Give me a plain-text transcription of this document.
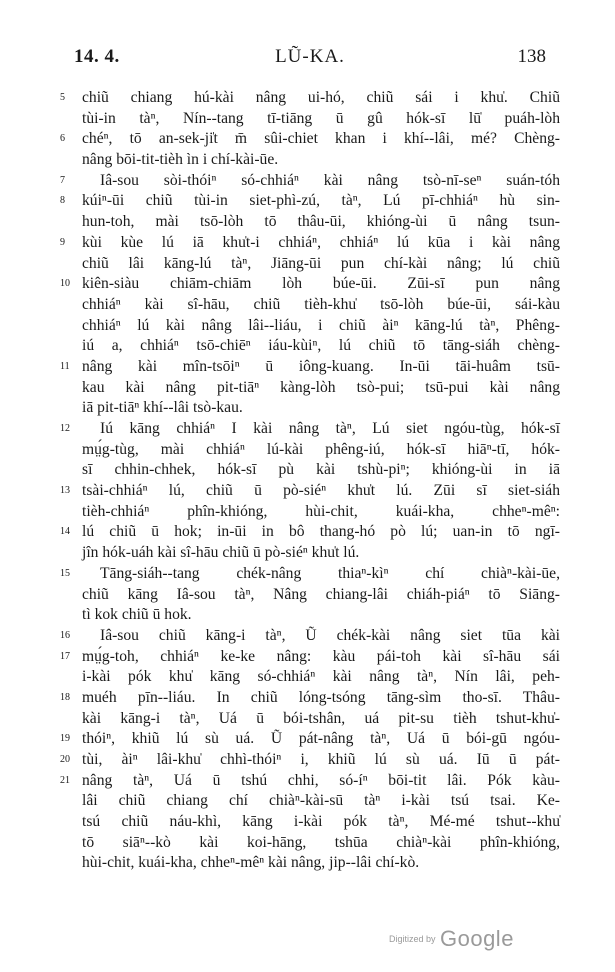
14. 4.	LŨ-KA.	138
5	chiũ chiang hú-kài nâng ui-hó, chiũ sái i khu̍. Chiũ
tùi-in tàⁿ, Nín--tang tī-tiāng ū gû hók-sī lū̍ puáh-lòh
6	chéⁿ, tō an-sek-ji̍t m̄ sûi-chiet khan i khí--lâi, mé? Chèng-
nâng bōi-tit-tièh ìn i chí-kài-ūe.
7	Iâ-sou sòi-thóiⁿ só-chhiáⁿ kài nâng tsò-nī-seⁿ suán-tóh
8	kúiⁿ-ūi chiũ tùi-in siet-phì-zú, tàⁿ, Lú pī-chhiáⁿ hù sin-
hun-toh, mài tsō-lòh tō thâu-ūi, khióng-ùi ū nâng tsun-
9	kùi kùe lú iā khu̍t-i chhiáⁿ, chhiáⁿ lú kūa i kài nâng
chiũ lâi kāng-lú tàⁿ, Jiāng-ūi pun chí-kài nâng; lú chiũ
10 kiên-siàu chiām-chiām lòh búe-ūi. Zūi-sī pun nâng
chhiáⁿ kài sî-hāu, chiũ tièh-khu̍ tsō-lòh búe-ūi, sái-kàu
chhiáⁿ lú kài nâng lâi--liáu, i chiũ àiⁿ kāng-lú tàⁿ, Phêng-
iú a, chhiáⁿ tsō-chiēⁿ iáu-kùiⁿ, lú chiũ tō tāng-siáh chèng-
11 nâng kài mîn-tsōiⁿ ū iông-kuang. In-ūi tāi-huâm tsū-
kau kài nâng pit-tiāⁿ kàng-lòh tsò-pui; tsū-pui kài nâng
iā pit-tiāⁿ khí--lâi tsò-kau.
12	Iú kāng chhiáⁿ I kài nâng tàⁿ, Lú siet ngóu-tùg, hók-sī
mṳ́g-tùg, mài chhiáⁿ lú-kài phêng-iú, hók-sī hiāⁿ-tī, hók-
sī chhin-chhek, hók-sī pù kài tshù-piⁿ; khióng-ùi in iā
13 tsài-chhiáⁿ lú, chiũ ū pò-siéⁿ khu̍t lú. Zūi sī siet-siáh
tièh-chhiáⁿ phîn-khióng, hùi-chit, kuái-kha, chheⁿ-mêⁿ:
14 lú chiũ ū hok; in-ūi in bô thang-hó pò lú; uan-in tō ngī-
jîn hók-uáh kài sî-hāu chiũ ū pò-siéⁿ khu̍t lú.
15	Tāng-siáh--tang chék-nâng thiaⁿ-kìⁿ chí chiàⁿ-kài-ūe,
chiũ kāng Iâ-sou tàⁿ, Nâng chiang-lâi chiáh-piáⁿ tō Siāng-
tì kok chiũ ū hok.
16	Iâ-sou chiũ kāng-i tàⁿ, Ũ chék-kài nâng siet tūa kài
17 mṳ́g-toh, chhiáⁿ ke-ke nâng: kàu pái-toh kài sî-hāu sái
i-kài pók khu̍ kāng só-chhiáⁿ kài nâng tàⁿ, Nín lâi, peh-
18 muéh pīn--liáu. In chiũ lóng-tsóng tāng-sìm tho-sī. Thâu-
kài kāng-i tàⁿ, Uá ū bói-tshân, uá pit-su tièh tshut-khu̍-
19 thóiⁿ, khiũ lú sù uá. Ũ pát-nâng tàⁿ, Uá ū bói-gū ngóu-
20 tùi, àiⁿ lâi-khu̍ chhì-thóiⁿ i, khiũ lú sù uá. Iū ū pát-
21 nâng tàⁿ, Uá ū tshú chhi, só-íⁿ bōi-tit lâi. Pók kàu-
lâi chiũ chiang chí chiàⁿ-kài-sū tàⁿ i-kài tsú tsai. Ke-
tsú chiũ náu-khì, kāng i-kài pók tàⁿ, Mé-mé tshut--khu̍
tō siāⁿ--kò kài koi-hāng, tshūa chiàⁿ-kài phîn-khióng,
hùi-chit, kuái-kha, chheⁿ-mêⁿ kài nâng, jip--lâi chí-kò.
Digitized by Google
